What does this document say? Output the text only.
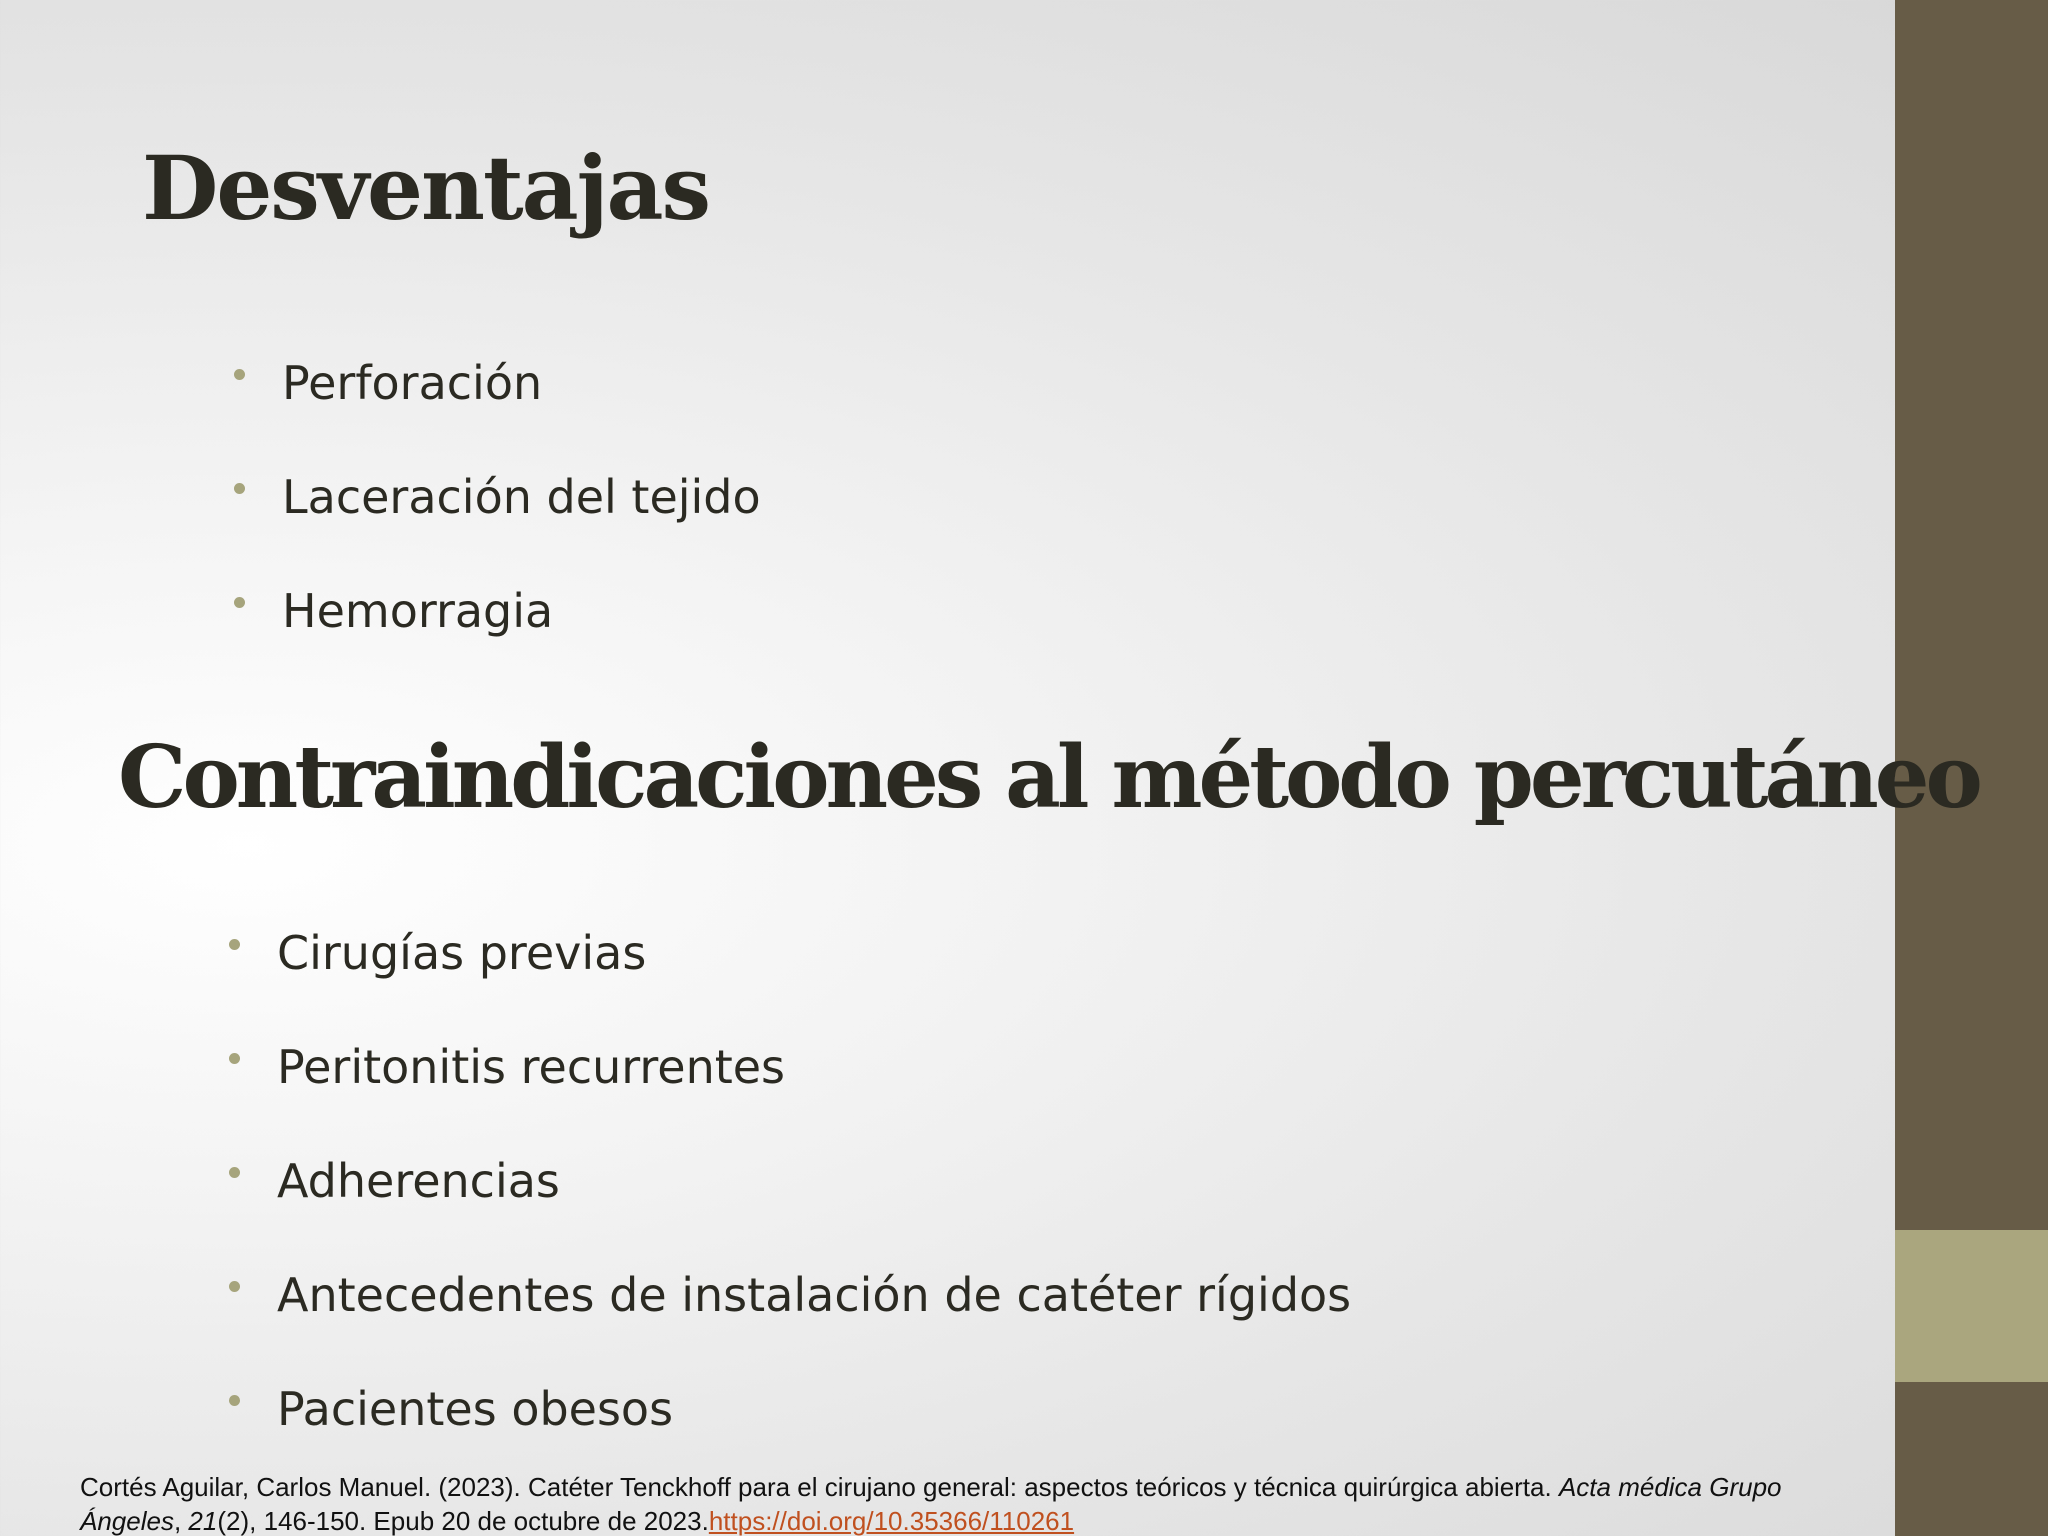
Desventajas
Perforación
Laceración del tejido
Hemorragia
Contraindicaciones al método percutáneo
Cirugías previas
Peritonitis recurrentes
Adherencias
Antecedentes de instalación de catéter rígidos
Pacientes obesos
Cortés Aguilar, Carlos Manuel. (2023). Catéter Tenckhoff para el cirujano general: aspectos teóricos y técnica quirúrgica abierta. Acta médica Grupo Ángeles, 21(2), 146-150. Epub 20 de octubre de 2023.https://doi.org/10.35366/110261
